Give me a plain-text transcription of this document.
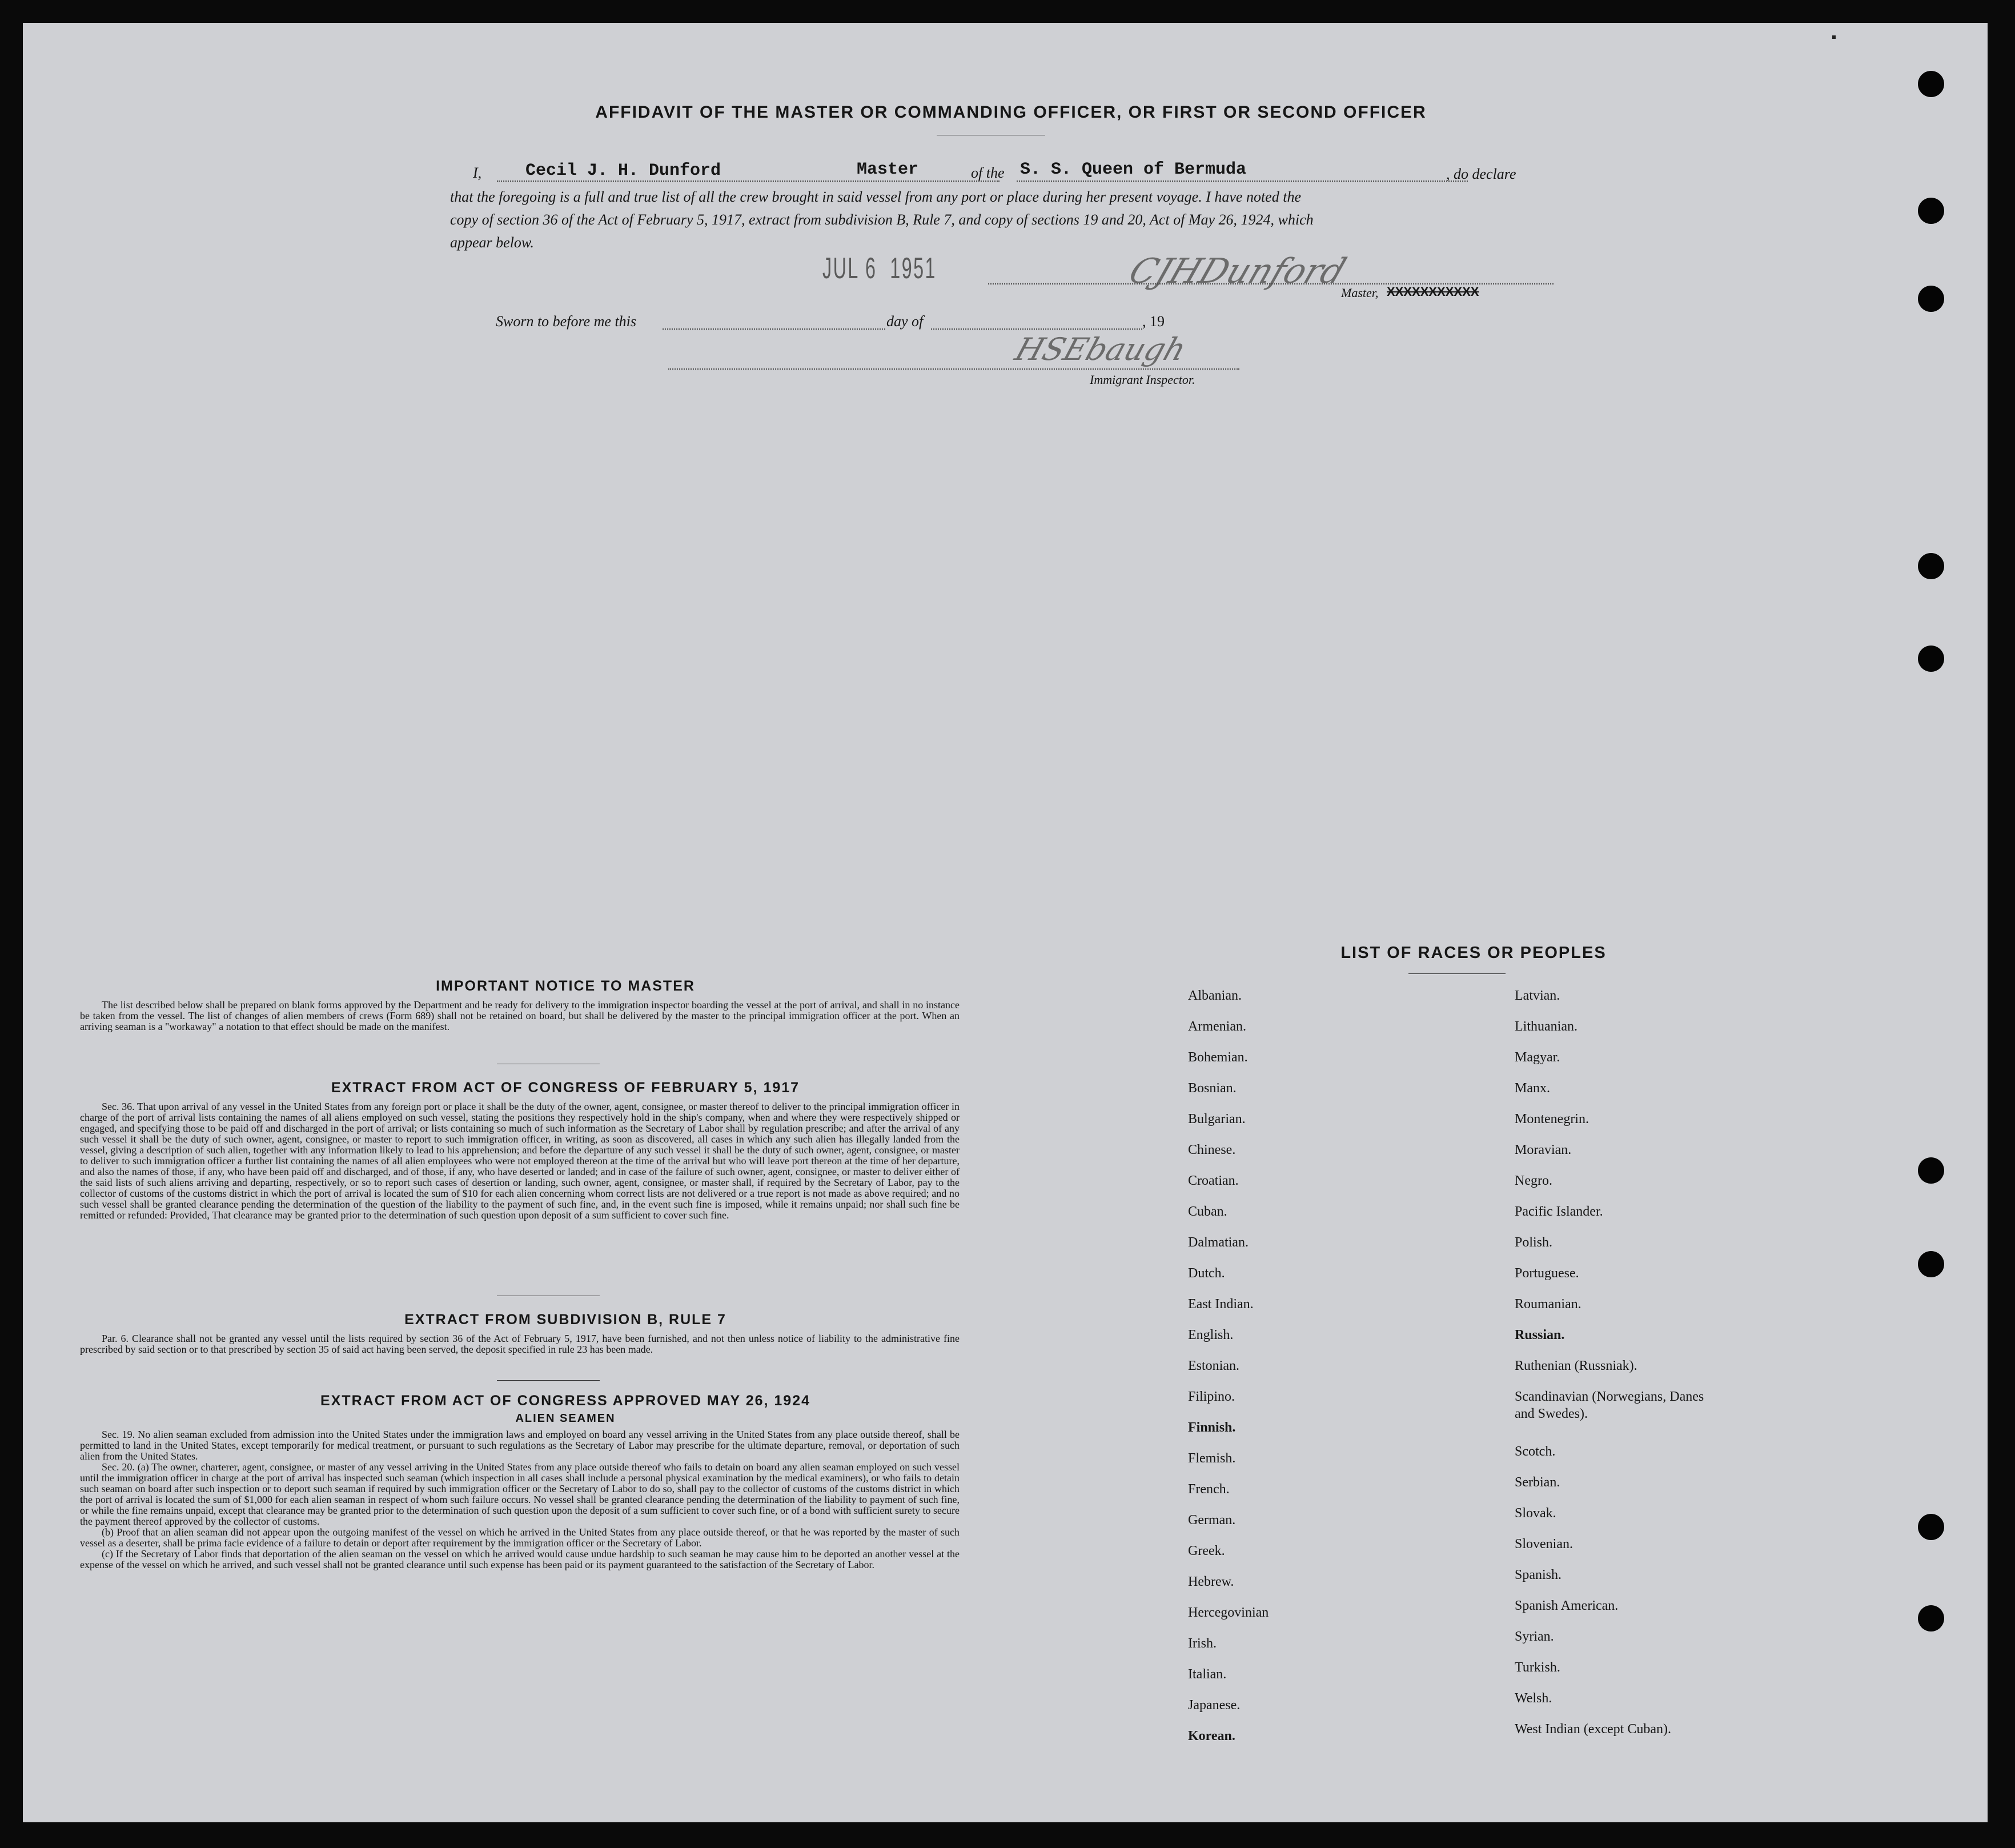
AFFIDAVIT OF THE MASTER OR COMMANDING OFFICER, OR FIRST OR SECOND OFFICER
I,	Cecil J. H. Dunford	Master	of the S. S. Queen of Bermuda	, do declare
that the foregoing is a full and true list of all the crew brought in said vessel from any port or place during her present voyage. I have noted the
copy of section 36 of the Act of February 5, 1917, extract from subdivision B, Rule 7, and copy of sections 19 and 20, Act of May 26, 1924, which
appear below.
JUL 6  1951	CJHDunford
Master, XXXXXXXXXXX
Sworn to before me this	day of	, 19
HSEbaugh
Immigrant Inspector.
IMPORTANT NOTICE TO MASTER

The list described below shall be prepared on blank forms approved by the Department and be ready for delivery to the immigration inspector boarding the vessel at the port of arrival, and shall in no instance be taken from the vessel. The list of changes of alien members of crews (Form 689) shall not be retained on board, but shall be delivered by the master to the principal immigration officer at the port. When an arriving seaman is a "workaway" a notation to that effect should be made on the manifest.

EXTRACT FROM ACT OF CONGRESS OF FEBRUARY 5, 1917

Sec. 36. That upon arrival of any vessel in the United States from any foreign port or place it shall be the duty of the owner, agent, consignee, or master thereof to deliver to the principal immigration officer in charge of the port of arrival lists containing the names of all aliens employed on such vessel, stating the positions they respectively hold in the ship's company, when and where they were respectively shipped or engaged, and specifying those to be paid off and discharged in the port of arrival; or lists containing so much of such information as the Secretary of Labor shall by regulation prescribe; and after the arrival of any such vessel it shall be the duty of such owner, agent, consignee, or master to report to such immigration officer, in writing, as soon as discovered, all cases in which any such alien has illegally landed from the vessel, giving a description of such alien, together with any information likely to lead to his apprehension; and before the departure of any such vessel it shall be the duty of such owner, agent, consignee, or master to deliver to such immigration officer a further list containing the names of all alien employees who were not employed thereon at the time of the arrival but who will leave port thereon at the time of her departure, and also the names of those, if any, who have been paid off and discharged, and of those, if any, who have deserted or landed; and in case of the failure of such owner, agent, consignee, or master to deliver either of the said lists of such aliens arriving and departing, respectively, or so to report such cases of desertion or landing, such owner, agent, consignee, or master shall, if required by the Secretary of Labor, pay to the collector of customs of the customs district in which the port of arrival is located the sum of $10 for each alien concerning whom correct lists are not delivered or a true report is not made as above required; and no such vessel shall be granted clearance pending the determination of the question of the liability to the payment of such fine, and, in the event such fine is imposed, while it remains unpaid; nor shall such fine be remitted or refunded: Provided, That clearance may be granted prior to the determination of such question upon deposit of a sum sufficient to cover such fine.

EXTRACT FROM SUBDIVISION B, RULE 7

Par. 6. Clearance shall not be granted any vessel until the lists required by section 36 of the Act of February 5, 1917, have been furnished, and not then unless notice of liability to the administrative fine prescribed by said section or to that prescribed by section 35 of said act having been served, the deposit specified in rule 23 has been made.

EXTRACT FROM ACT OF CONGRESS APPROVED MAY 26, 1924
ALIEN SEAMEN

Sec. 19. No alien seaman excluded from admission into the United States under the immigration laws and employed on board any vessel arriving in the United States from any place outside thereof, shall be permitted to land in the United States, except temporarily for medical treatment, or pursuant to such regulations as the Secretary of Labor may prescribe for the ultimate departure, removal, or deportation of such alien from the United States.

Sec. 20. (a) The owner, charterer, agent, consignee, or master of any vessel arriving in the United States from any place outside thereof who fails to detain on board any alien seaman employed on such vessel until the immigration officer in charge at the port of arrival has inspected such seaman (which inspection in all cases shall include a personal physical examination by the medical examiners), or who fails to detain such seaman on board after such inspection or to deport such seaman if required by such immigration officer or the Secretary of Labor to do so, shall pay to the collector of customs of the customs district in which the port of arrival is located the sum of $1,000 for each alien seaman in respect of whom such failure occurs. No vessel shall be granted clearance pending the determination of the liability to payment of such fine, or while the fine remains unpaid, except that clearance may be granted prior to the determination of such question upon the deposit of a sum sufficient to cover such fine, or of a bond with sufficient surety to secure the payment thereof approved by the collector of customs.

(b) Proof that an alien seaman did not appear upon the outgoing manifest of the vessel on which he arrived in the United States from any place outside thereof, or that he was reported by the master of such vessel as a deserter, shall be prima facie evidence of a failure to detain or deport after requirement by the immigration officer or the Secretary of Labor.

(c) If the Secretary of Labor finds that deportation of the alien seaman on the vessel on which he arrived would cause undue hardship to such seaman he may cause him to be deported an another vessel at the expense of the vessel on which he arrived, and such vessel shall not be granted clearance until such expense has been paid or its payment guaranteed to the satisfaction of the Secretary of Labor.

LIST OF RACES OR PEOPLES
Albanian.
Armenian.
Bohemian.
Bosnian.
Bulgarian.
Chinese.
Croatian.
Cuban.
Dalmatian.
Dutch.
East Indian.
English.
Estonian.
Filipino.
Finnish.
Flemish.
French.
German.
Greek.
Hebrew.
Hercegovinian
Irish.
Italian.
Japanese.
Korean.
Latvian.
Lithuanian.
Magyar.
Manx.
Montenegrin.
Moravian.
Negro.
Pacific Islander.
Polish.
Portuguese.
Roumanian.
Russian.
Ruthenian (Russniak).
Scandinavian (Norwegians, Danes and Swedes).
Scotch.
Serbian.
Slovak.
Slovenian.
Spanish.
Spanish American.
Syrian.
Turkish.
Welsh.
West Indian (except Cuban).
